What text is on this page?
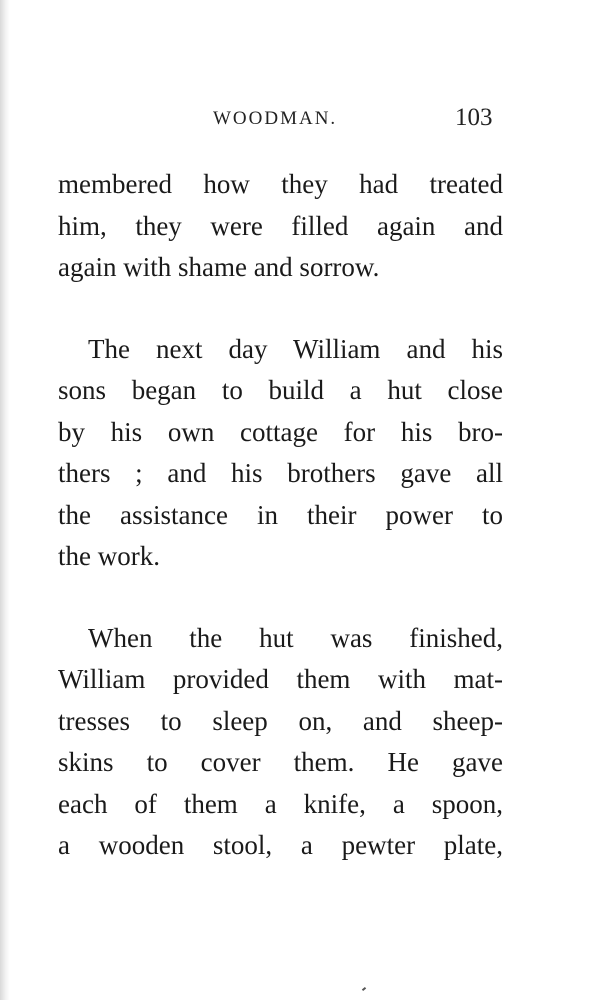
WOODMAN.	103

membered how they had treated
him, they were filled again and
again with shame and sorrow.

The next day William and his
sons began to build a hut close
by his own cottage for his bro-
thers ; and his brothers gave all
the assistance in their power to
the work.

When the hut was finished,
William provided them with mat-
tresses to sleep on, and sheep-
skins to cover them. He gave
each of them a knife, a spoon,
a wooden stool, a pewter plate,
